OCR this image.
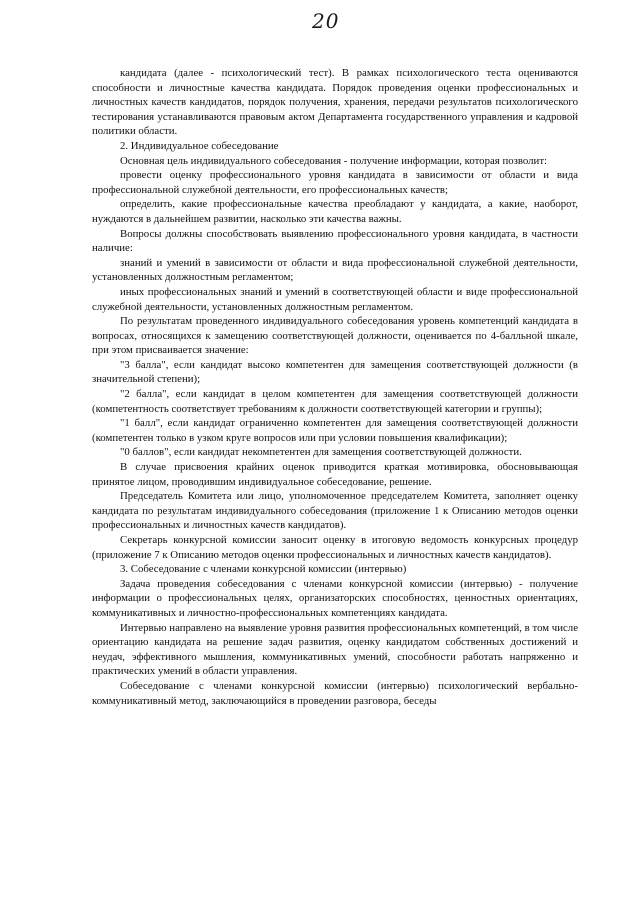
20

кандидата (далее - психологический тест). В рамках психологического теста оцениваются способности и личностные качества кандидата. Порядок проведения оценки профессиональных и личностных качеств кандидатов, порядок получения, хранения, передачи результатов психологического тестирования устанавливаются правовым актом Департамента государственного управления и кадровой политики области.

2. Индивидуальное собеседование

Основная цель индивидуального собеседования - получение информации, которая позволит:

провести оценку профессионального уровня кандидата в зависимости от области и вида профессиональной служебной деятельности, его профессиональных качеств;

определить, какие профессиональные качества преобладают у кандидата, а какие, наоборот, нуждаются в дальнейшем развитии, насколько эти качества важны.

Вопросы должны способствовать выявлению профессионального уровня кандидата, в частности наличие:

знаний и умений в зависимости от области и вида профессиональной служебной деятельности, установленных должностным регламентом;

иных профессиональных знаний и умений в соответствующей области и виде профессиональной служебной деятельности, установленных должностным регламентом.

По результатам проведенного индивидуального собеседования уровень компетенций кандидата в вопросах, относящихся к замещению соответствующей должности, оценивается по 4-балльной шкале, при этом присваивается значение:

"3 балла", если кандидат высоко компетентен для замещения соответствующей должности (в значительной степени);

"2 балла", если кандидат в целом компетентен для замещения соответствующей должности (компетентность соответствует требованиям к должности соответствующей категории и группы);

"1 балл", если кандидат ограниченно компетентен для замещения соответствующей должности (компетентен только в узком круге вопросов или при условии повышения квалификации);

"0 баллов", если кандидат некомпетентен для замещения соответствующей должности.

В случае присвоения крайних оценок приводится краткая мотивировка, обосновывающая принятое лицом, проводившим индивидуальное собеседование, решение.

Председатель Комитета или лицо, уполномоченное председателем Комитета, заполняет оценку кандидата по результатам индивидуального собеседования (приложение 1 к Описанию методов оценки профессиональных и личностных качеств кандидатов).

Секретарь конкурсной комиссии заносит оценку в итоговую ведомость конкурсных процедур (приложение 7 к Описанию методов оценки профессиональных и личностных качеств кандидатов).

3. Собеседование с членами конкурсной комиссии (интервью)

Задача проведения собеседования с членами конкурсной комиссии (интервью) - получение информации о профессиональных целях, организаторских способностях, ценностных ориентациях, коммуникативных и личностно-профессиональных компетенциях кандидата.

Интервью направлено на выявление уровня развития профессиональных компетенций, в том числе ориентацию кандидата на решение задач развития, оценку кандидатом собственных достижений и неудач, эффективного мышления, коммуникативных умений, способности работать напряженно и практических умений в области управления.

Собеседование с членами конкурсной комиссии (интервью) психологический вербально-коммуникативный метод, заключающийся в проведении разговора, беседы
